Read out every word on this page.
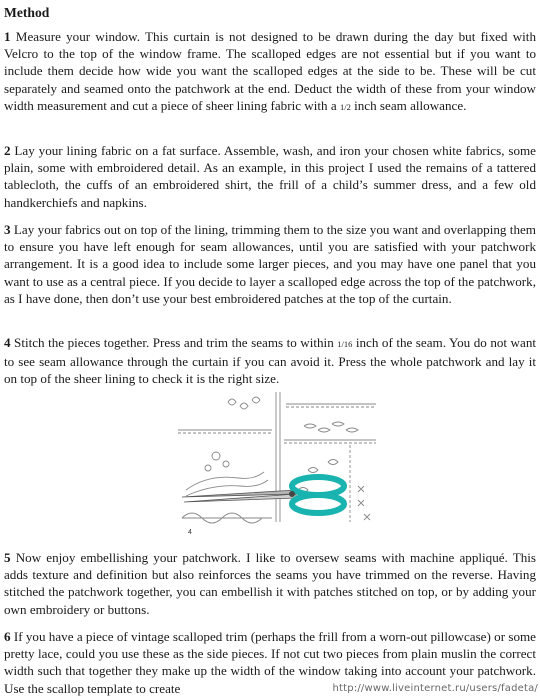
Method

1 Measure your window. This curtain is not designed to be drawn during the day but fixed with Velcro to the top of the window frame. The scalloped edges are not essential but if you want to include them decide how wide you want the scalloped edges at the side to be. These will be cut separately and seamed onto the patchwork at the end. Deduct the width of these from your window width measurement and cut a piece of sheer lining fabric with a 1/2 inch seam allowance.

2 Lay your lining fabric on a fat surface. Assemble, wash, and iron your chosen white fabrics, some plain, some with embroidered detail. As an example, in this project I used the remains of a tattered tablecloth, the cuffs of an embroidered shirt, the frill of a child’s summer dress, and a few old handkerchiefs and napkins.

3 Lay your fabrics out on top of the lining, trimming them to the size you want and overlapping them to ensure you have left enough for seam allowances, until you are satisfied with your patchwork arrangement. It is a good idea to include some larger pieces, and you may have one panel that you want to use as a central piece. If you decide to layer a scalloped edge across the top of the patchwork, as I have done, then don’t use your best embroidered patches at the top of the curtain.

4 Stitch the pieces together. Press and trim the seams to within 1/16 inch of the seam. You do not want to see seam allowance through the curtain if you can avoid it. Press the whole patchwork and lay it on top of the sheer lining to check it is the right size.

5 Now enjoy embellishing your patchwork. I like to oversew seams with machine appliqué. This adds texture and definition but also reinforces the seams you have trimmed on the reverse. Having stitched the patchwork together, you can embellish it with patches stitched on top, or by adding your own embroidery or buttons.

6 If you have a piece of vintage scalloped trim (perhaps the frill from a worn-out pillowcase) or some pretty lace, could you use these as the side pieces. If not cut two pieces from plain muslin the correct width such that together they make up the width of the window taking into account your patchwork. Use the scallop template to create

4
http://www.liveinternet.ru/users/fadeta/
